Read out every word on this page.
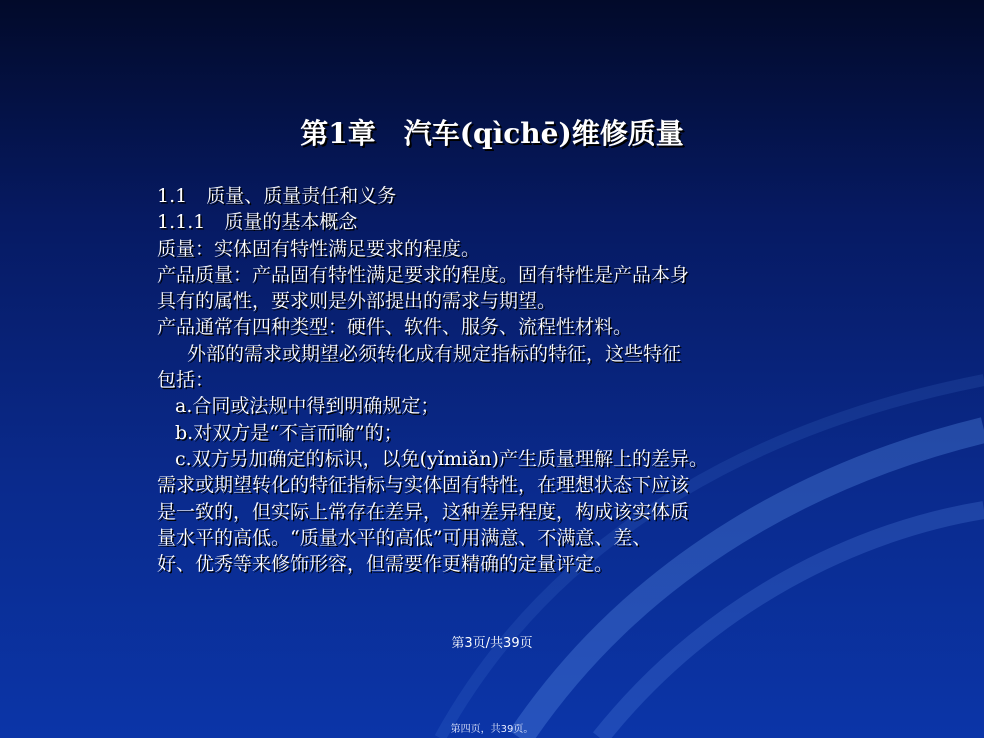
第1章　汽车(qìchē)维修质量
1.1　质量、质量责任和义务
1.1.1　质量的基本概念
质量：实体固有特性满足要求的程度。
产品质量：产品固有特性满足要求的程度。固有特性是产品本身
具有的属性，要求则是外部提出的需求与期望。
产品通常有四种类型：硬件、软件、服务、流程性材料。
外部的需求或期望必须转化成有规定指标的特征，这些特征
包括：
a.合同或法规中得到明确规定；
b.对双方是“不言而喻”的；
c.双方另加确定的标识，以免(yǐmiǎn)产生质量理解上的差异。
需求或期望转化的特征指标与实体固有特性，在理想状态下应该
是一致的，但实际上常存在差异，这种差异程度，构成该实体质
量水平的高低。“质量水平的高低”可用满意、不满意、差、
好、优秀等来修饰形容，但需要作更精确的定量评定。
第3页/共39页
第四页，共39页。
